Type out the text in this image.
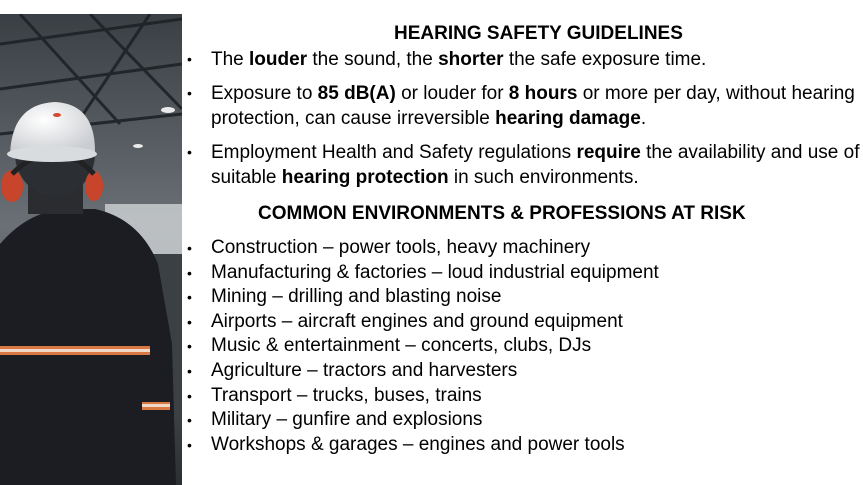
HEARING SAFETY GUIDELINES
• The louder the sound, the shorter the safe exposure time.
• Exposure to 85 dB(A) or louder for 8 hours or more per day, without hearing protection, can cause irreversible hearing damage.
• Employment Health and Safety regulations require the availability and use of suitable hearing protection in such environments.
COMMON ENVIRONMENTS & PROFESSIONS AT RISK
• Construction – power tools, heavy machinery
• Manufacturing & factories – loud industrial equipment
• Mining – drilling and blasting noise
• Airports – aircraft engines and ground equipment
• Music & entertainment – concerts, clubs, DJs
• Agriculture – tractors and harvesters
• Transport – trucks, buses, trains
• Military – gunfire and explosions
• Workshops & garages – engines and power tools
